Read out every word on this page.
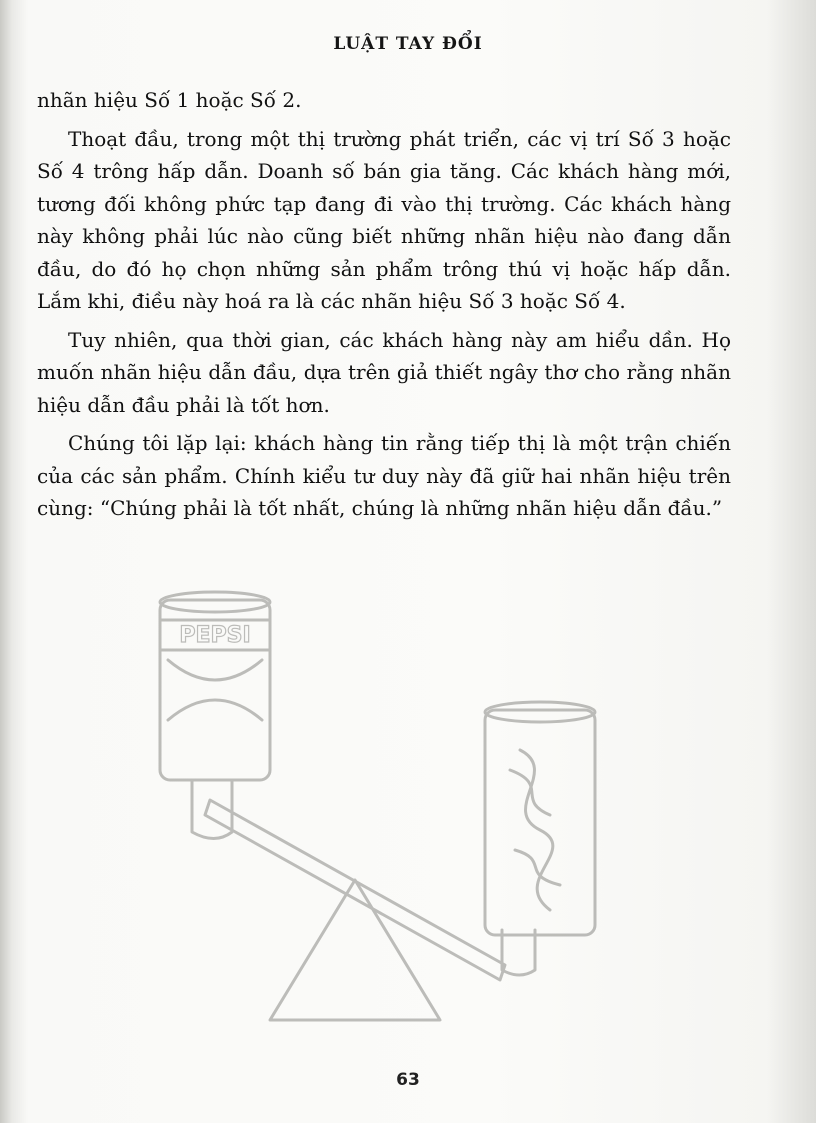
LUẬT TAY ĐỔI
PEPSI

nhãn hiệu Số 1 hoặc Số 2.

Thoạt đầu, trong một thị trường phát triển, các vị trí Số 3 hoặc Số 4 trông hấp dẫn. Doanh số bán gia tăng. Các khách hàng mới, tương đối không phức tạp đang đi vào thị trường. Các khách hàng này không phải lúc nào cũng biết những nhãn hiệu nào đang dẫn đầu, do đó họ chọn những sản phẩm trông thú vị hoặc hấp dẫn. Lắm khi, điều này hoá ra là các nhãn hiệu Số 3 hoặc Số 4.

Tuy nhiên, qua thời gian, các khách hàng này am hiểu dần. Họ muốn nhãn hiệu dẫn đầu, dựa trên giả thiết ngây thơ cho rằng nhãn hiệu dẫn đầu phải là tốt hơn.

Chúng tôi lặp lại: khách hàng tin rằng tiếp thị là một trận chiến của các sản phẩm. Chính kiểu tư duy này đã giữ hai nhãn hiệu trên cùng: “Chúng phải là tốt nhất, chúng là những nhãn hiệu dẫn đầu.”

63
